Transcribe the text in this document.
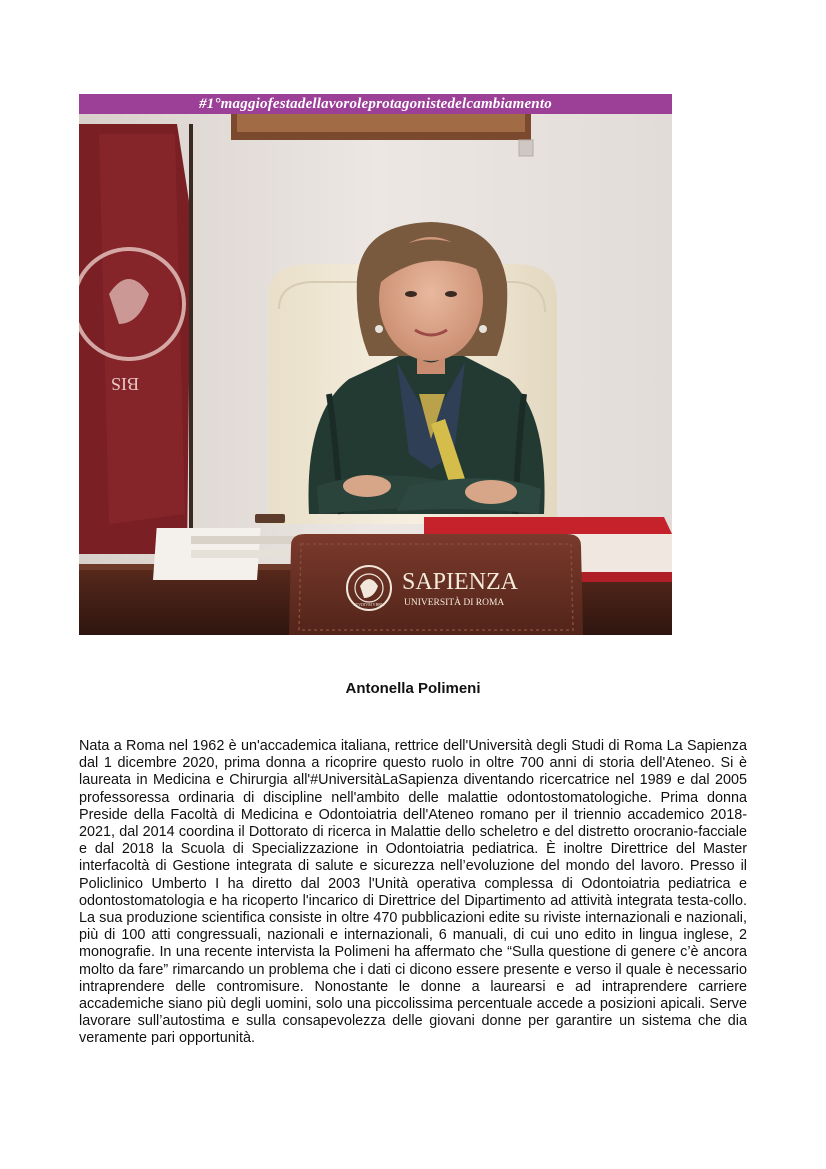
#1°maggiofestadellavoroleprotagonistedelcambiamento
BIS
STVDIVM VRBIS
SAPIENZA
UNIVERSITÀ DI ROMA
Antonella Polimeni

Nata a Roma nel 1962 è un'accademica italiana, rettrice dell'Università degli Studi di Roma La Sapienza dal 1 dicembre 2020, prima donna a ricoprire questo ruolo in oltre 700 anni di storia dell'Ateneo. Si è laureata in Medicina e Chirurgia all'#UniversitàLaSapienza diventando ricercatrice nel 1989 e dal 2005 professoressa ordinaria di discipline nell'ambito delle malattie odontostomatologiche. Prima donna Preside della Facoltà di Medicina e Odontoiatria dell'Ateneo romano per il triennio accademico 2018-2021, dal 2014 coordina il Dottorato di ricerca in Malattie dello scheletro e del distretto orocranio-facciale e dal 2018 la Scuola di Specializzazione in Odontoiatria pediatrica. È inoltre Direttrice del Master interfacoltà di Gestione integrata di salute e sicurezza nell’evoluzione del mondo del lavoro. Presso il Policlinico Umberto I ha diretto dal 2003 l'Unità operativa complessa di Odontoiatria pediatrica e odontostomatologia e ha ricoperto l'incarico di Direttrice del Dipartimento ad attività integrata testa-collo. La sua produzione scientifica consiste in oltre 470 pubblicazioni edite su riviste internazionali e nazionali, più di 100 atti congressuali, nazionali e internazionali, 6 manuali, di cui uno edito in lingua inglese, 2 monografie. In una recente intervista la Polimeni ha affermato che “Sulla questione di genere c’è ancora molto da fare” rimarcando un problema che i dati ci dicono essere presente e verso il quale è necessario intraprendere delle contromisure. Nonostante le donne a laurearsi e ad intraprendere carriere accademiche siano più degli uomini, solo una piccolissima percentuale accede a posizioni apicali. Serve lavorare sull’autostima e sulla consapevolezza delle giovani donne per garantire un sistema che dia veramente pari opportunità.
